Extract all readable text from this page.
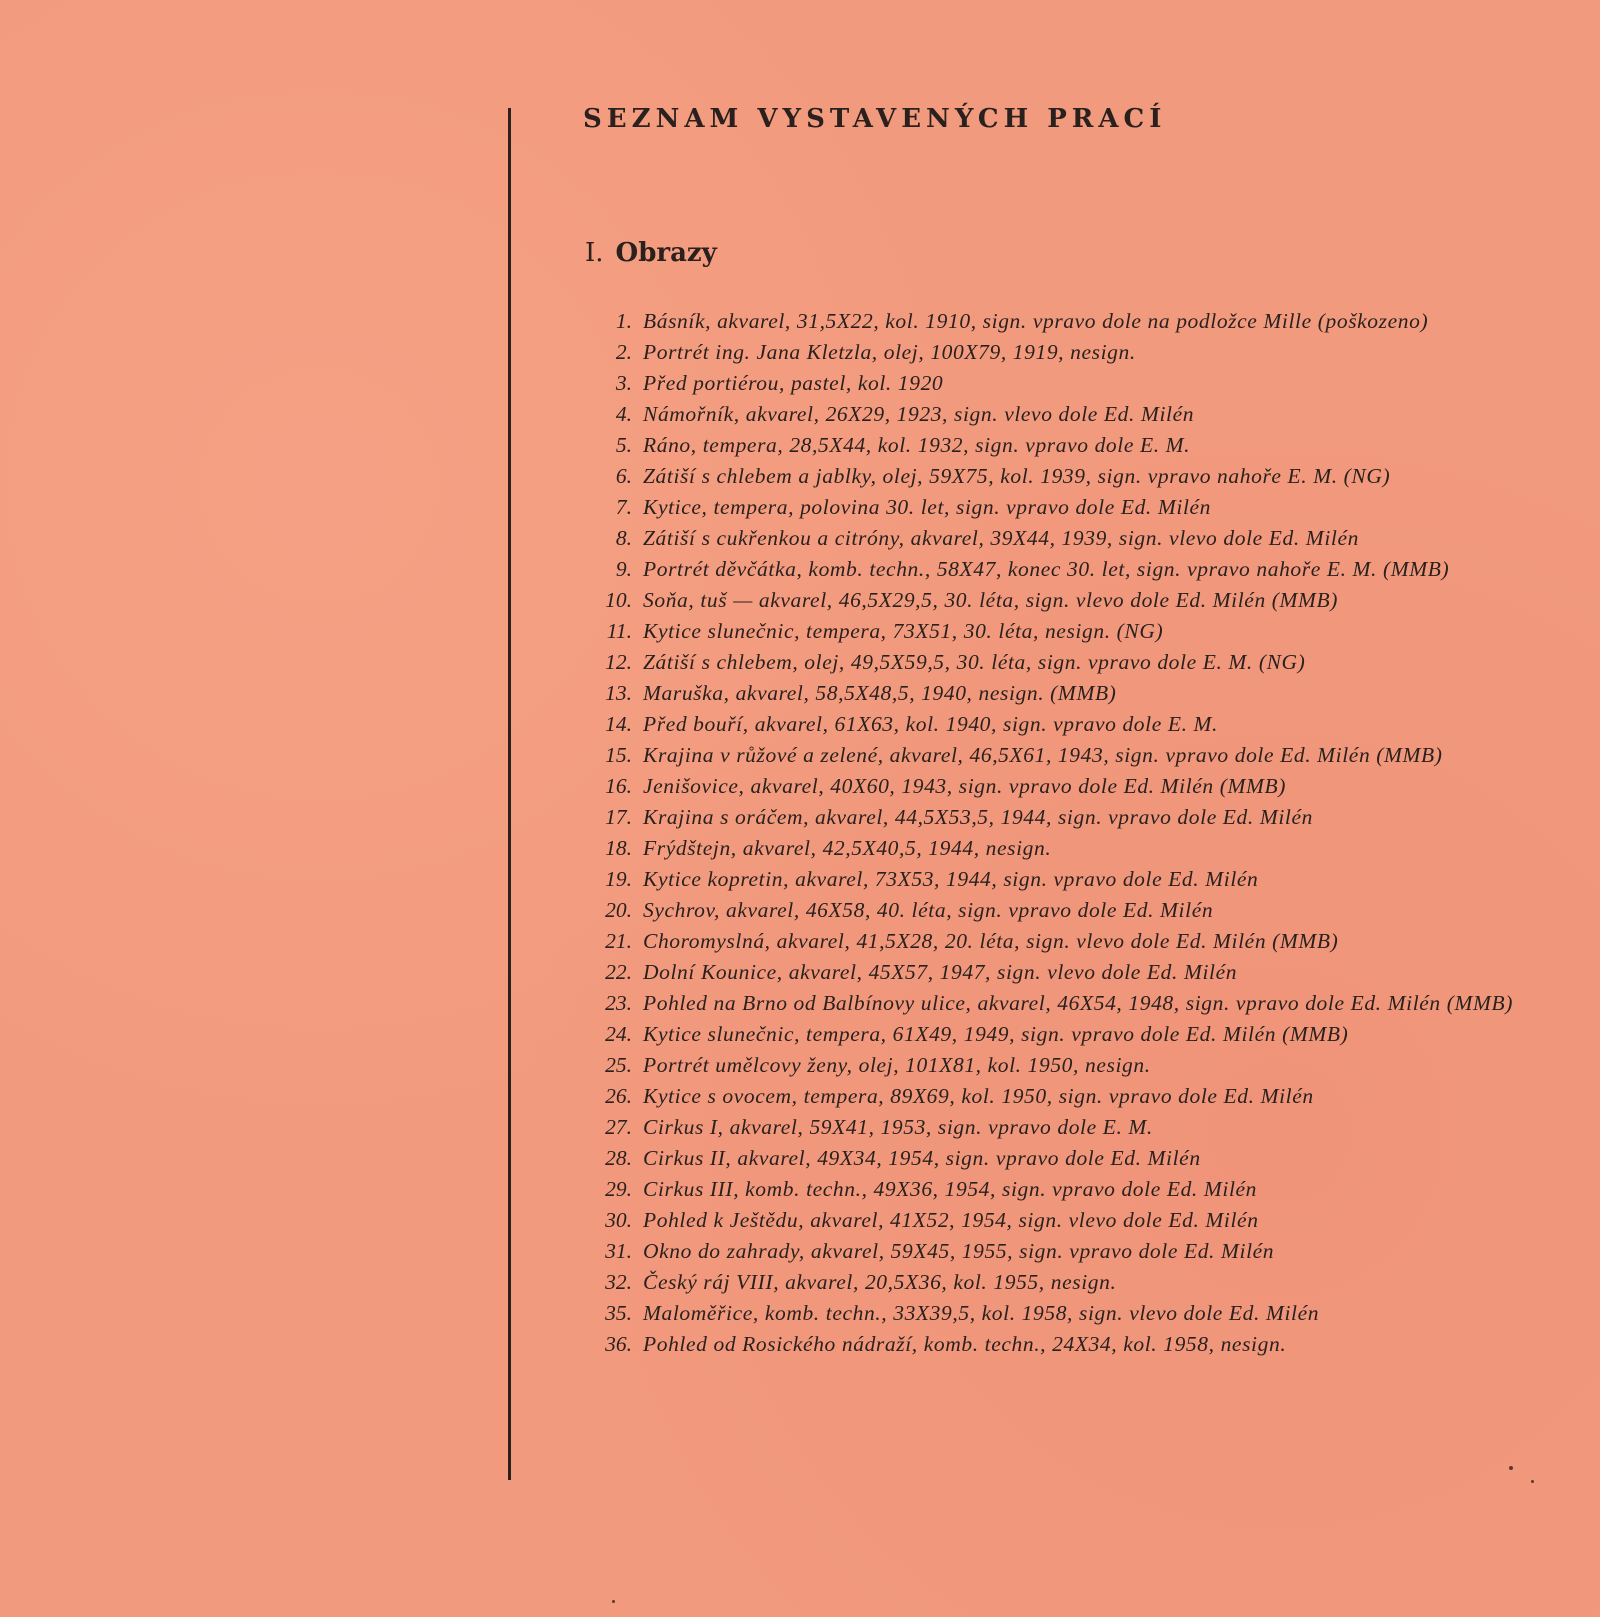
SEZNAM VYSTAVENÝCH PRACÍ
I. Obrazy
1. Básník, akvarel, 31,5X22, kol. 1910, sign. vpravo dole na podložce Mille (poškozeno)
2. Portrét ing. Jana Kletzla, olej, 100X79, 1919, nesign.
3. Před portiérou, pastel, kol. 1920
4. Námořník, akvarel, 26X29, 1923, sign. vlevo dole Ed. Milén
5. Ráno, tempera, 28,5X44, kol. 1932, sign. vpravo dole E. M.
6. Zátiší s chlebem a jablky, olej, 59X75, kol. 1939, sign. vpravo nahoře E. M. (NG)
7. Kytice, tempera, polovina 30. let, sign. vpravo dole Ed. Milén
8. Zátiší s cukřenkou a citróny, akvarel, 39X44, 1939, sign. vlevo dole Ed. Milén
9. Portrét děvčátka, komb. techn., 58X47, konec 30. let, sign. vpravo nahoře E. M. (MMB)
10. Soňa, tuš — akvarel, 46,5X29,5, 30. léta, sign. vlevo dole Ed. Milén (MMB)
11. Kytice slunečnic, tempera, 73X51, 30. léta, nesign. (NG)
12. Zátiší s chlebem, olej, 49,5X59,5, 30. léta, sign. vpravo dole E. M. (NG)
13. Maruška, akvarel, 58,5X48,5, 1940, nesign. (MMB)
14. Před bouří, akvarel, 61X63, kol. 1940, sign. vpravo dole E. M.
15. Krajina v růžové a zelené, akvarel, 46,5X61, 1943, sign. vpravo dole Ed. Milén (MMB)
16. Jenišovice, akvarel, 40X60, 1943, sign. vpravo dole Ed. Milén (MMB)
17. Krajina s oráčem, akvarel, 44,5X53,5, 1944, sign. vpravo dole Ed. Milén
18. Frýdštejn, akvarel, 42,5X40,5, 1944, nesign.
19. Kytice kopretin, akvarel, 73X53, 1944, sign. vpravo dole Ed. Milén
20. Sychrov, akvarel, 46X58, 40. léta, sign. vpravo dole Ed. Milén
21. Choromyslná, akvarel, 41,5X28, 20. léta, sign. vlevo dole Ed. Milén (MMB)
22. Dolní Kounice, akvarel, 45X57, 1947, sign. vlevo dole Ed. Milén
23. Pohled na Brno od Balbínovy ulice, akvarel, 46X54, 1948, sign. vpravo dole Ed. Milén (MMB)
24. Kytice slunečnic, tempera, 61X49, 1949, sign. vpravo dole Ed. Milén (MMB)
25. Portrét umělcovy ženy, olej, 101X81, kol. 1950, nesign.
26. Kytice s ovocem, tempera, 89X69, kol. 1950, sign. vpravo dole Ed. Milén
27. Cirkus I, akvarel, 59X41, 1953, sign. vpravo dole E. M.
28. Cirkus II, akvarel, 49X34, 1954, sign. vpravo dole Ed. Milén
29. Cirkus III, komb. techn., 49X36, 1954, sign. vpravo dole Ed. Milén
30. Pohled k Ještědu, akvarel, 41X52, 1954, sign. vlevo dole Ed. Milén
31. Okno do zahrady, akvarel, 59X45, 1955, sign. vpravo dole Ed. Milén
32. Český ráj VIII, akvarel, 20,5X36, kol. 1955, nesign.
35. Maloměřice, komb. techn., 33X39,5, kol. 1958, sign. vlevo dole Ed. Milén
36. Pohled od Rosického nádraží, komb. techn., 24X34, kol. 1958, nesign.
